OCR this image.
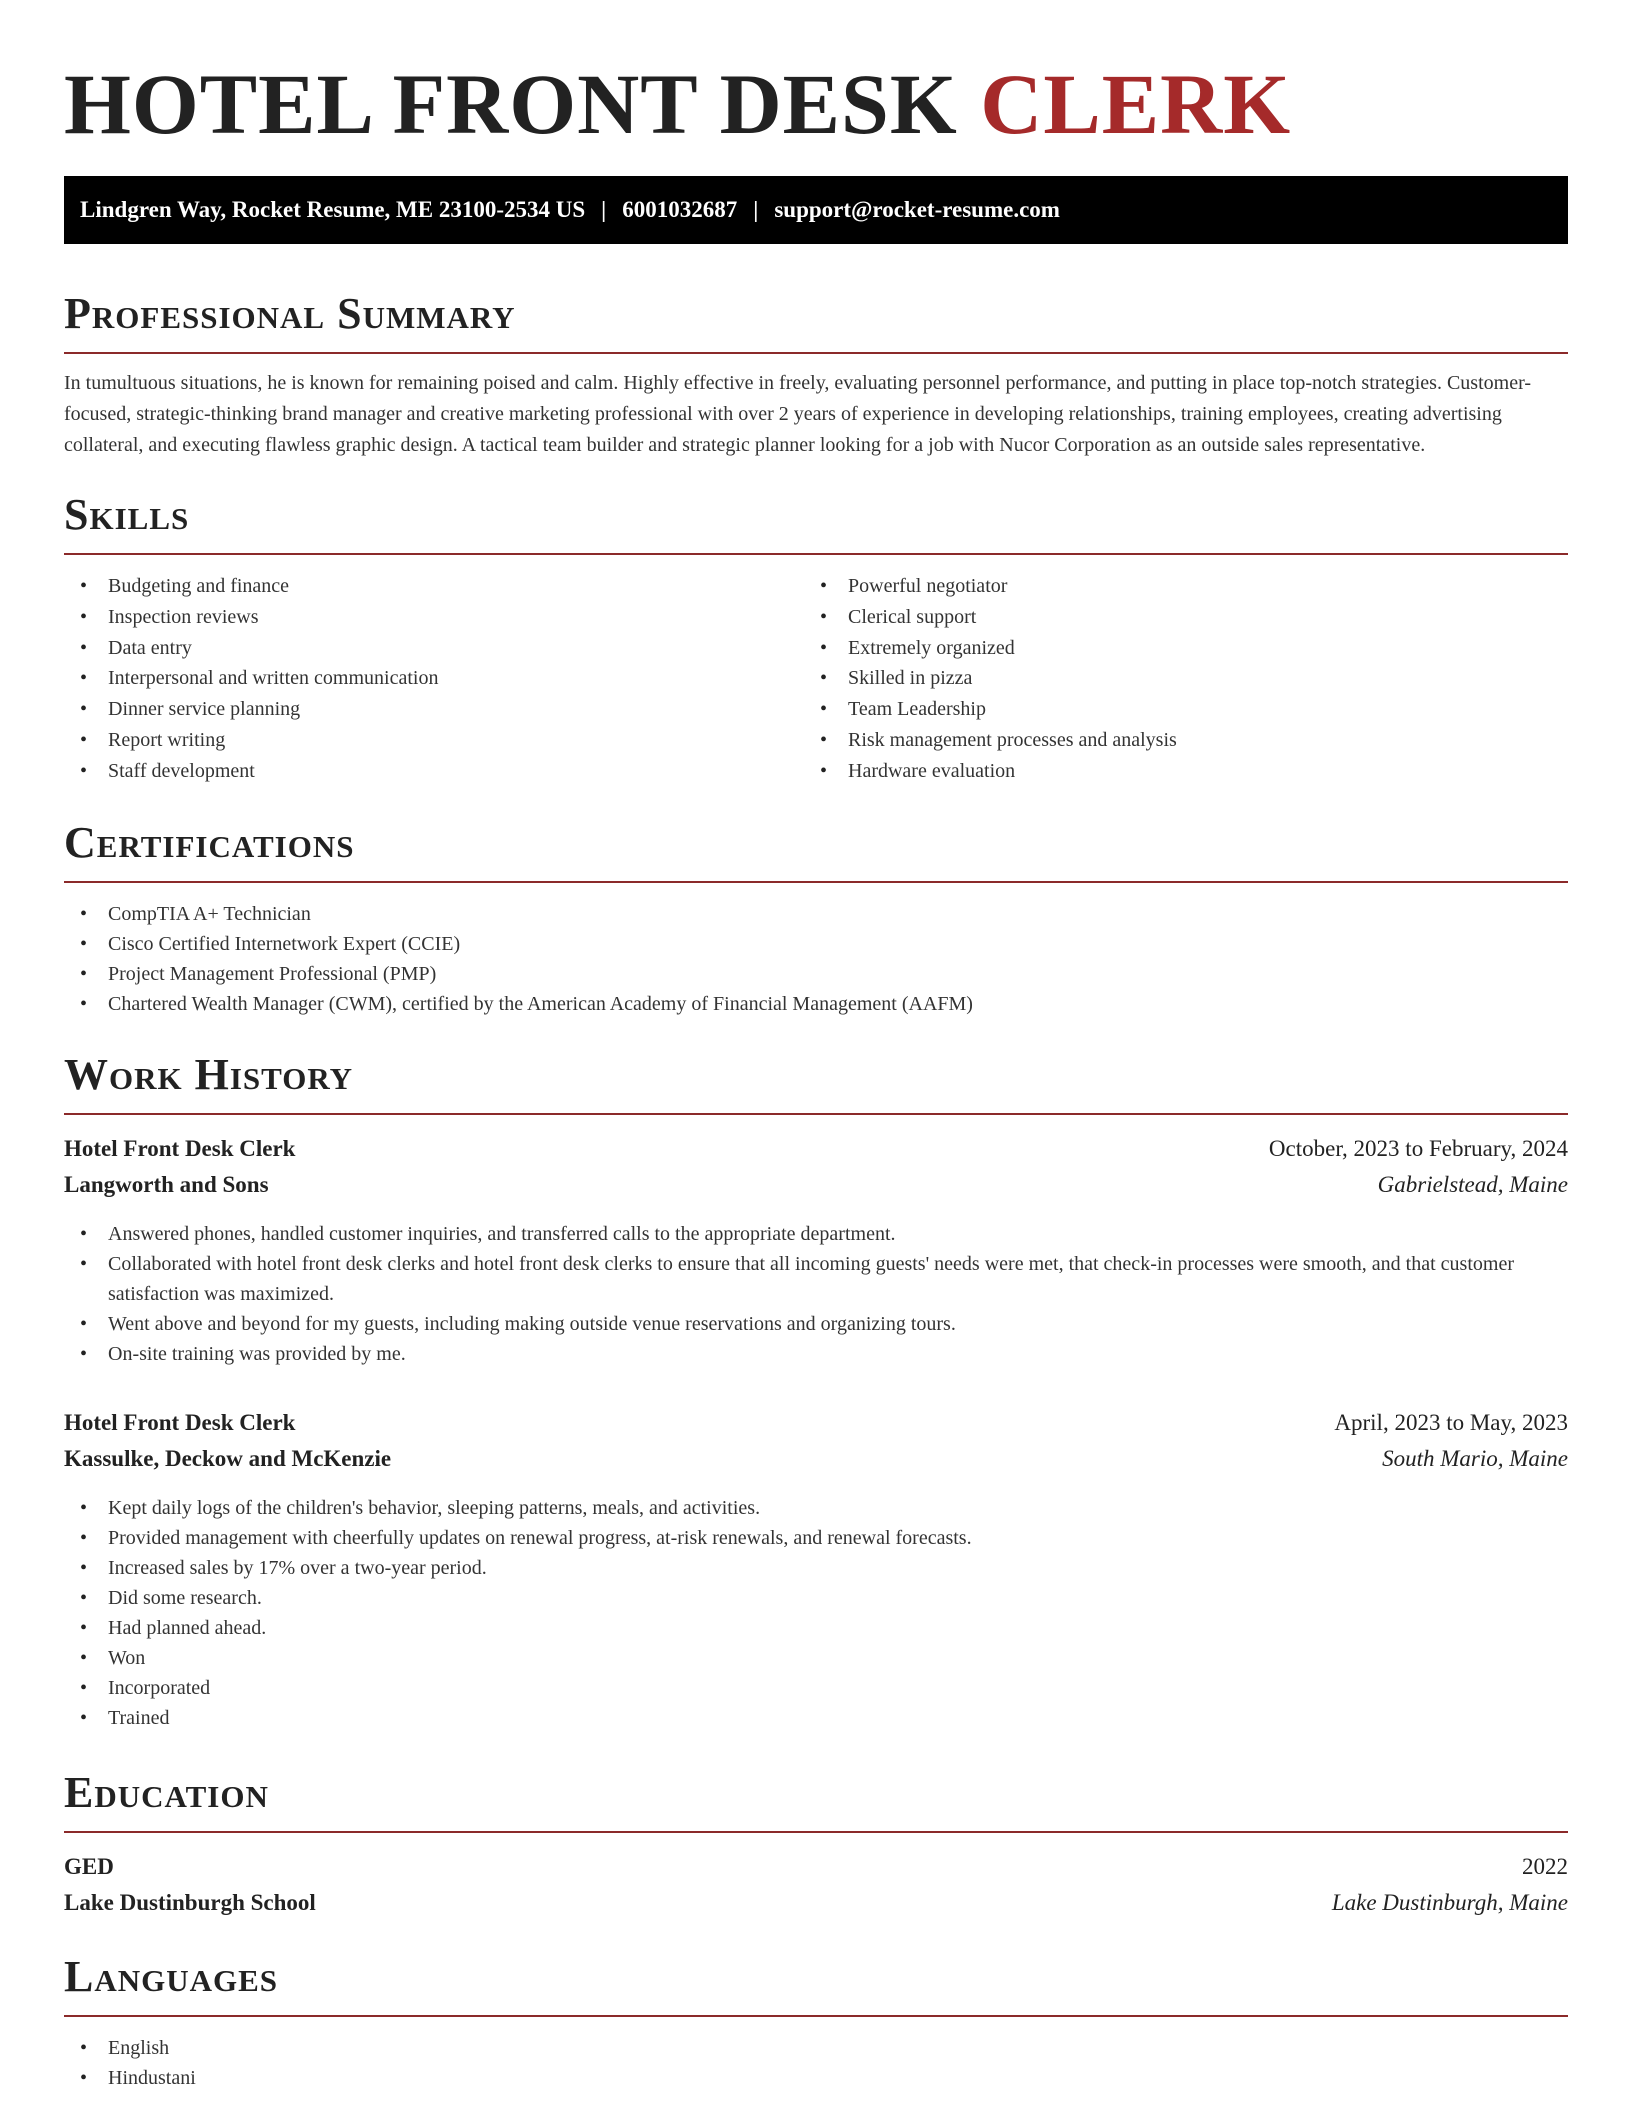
HOTEL FRONT DESK CLERK
Lindgren Way, Rocket Resume, ME 23100-2534 US | 6001032687 | support@rocket-resume.com
Professional Summary

In tumultuous situations, he is known for remaining poised and calm. Highly effective in freely, evaluating personnel performance, and putting in place top-notch strategies. Customer-focused, strategic-thinking brand manager and creative marketing professional with over 2 years of experience in developing relationships, training employees, creating advertising collateral, and executing flawless graphic design. A tactical team builder and strategic planner looking for a job with Nucor Corporation as an outside sales representative.

Skills
• Budgeting and finance
• Inspection reviews
• Data entry
• Interpersonal and written communication
• Dinner service planning
• Report writing
• Staff development
• Powerful negotiator
• Clerical support
• Extremely organized
• Skilled in pizza
• Team Leadership
• Risk management processes and analysis
• Hardware evaluation
Certifications
• CompTIA A+ Technician
• Cisco Certified Internetwork Expert (CCIE)
• Project Management Professional (PMP)
• Chartered Wealth Manager (CWM), certified by the American Academy of Financial Management (AAFM)
Work History
Hotel Front Desk Clerk	October, 2023 to February, 2024
Langworth and Sons	Gabrielstead, Maine
• Answered phones, handled customer inquiries, and transferred calls to the appropriate department.
• Collaborated with hotel front desk clerks and hotel front desk clerks to ensure that all incoming guests' needs were met, that check-in processes were smooth, and that customer satisfaction was maximized.
• Went above and beyond for my guests, including making outside venue reservations and organizing tours.
• On-site training was provided by me.
Hotel Front Desk Clerk	April, 2023 to May, 2023
Kassulke, Deckow and McKenzie	South Mario, Maine
• Kept daily logs of the children's behavior, sleeping patterns, meals, and activities.
• Provided management with cheerfully updates on renewal progress, at-risk renewals, and renewal forecasts.
• Increased sales by 17% over a two-year period.
• Did some research.
• Had planned ahead.
• Won
• Incorporated
• Trained
Education
GED	2022
Lake Dustinburgh School	Lake Dustinburgh, Maine
Languages
• English
• Hindustani
